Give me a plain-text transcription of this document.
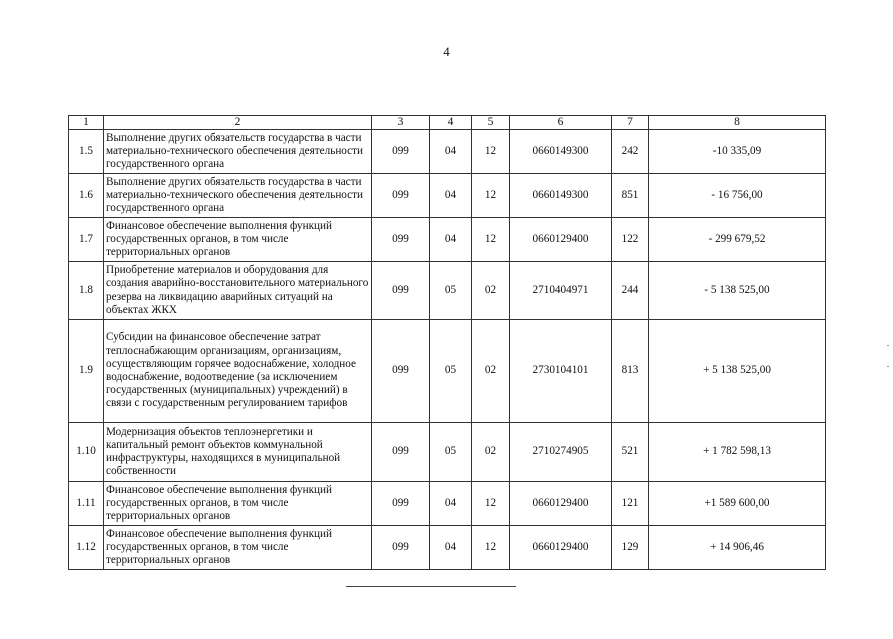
4
1	2	3	4	5	6	7	8
1.5	Выполнение других обязательств государства в части материально-технического обеспечения деятельности государственного органа	099	04	12	0660149300	242	-10 335,09
1.6	Выполнение других обязательств государства в части материально-технического обеспечения деятельности государственного органа	099	04	12	0660149300	851	- 16 756,00
1.7	Финансовое обеспечение выполнения функций государственных органов, в том числе территориальных органов	099	04	12	0660129400	122	- 299 679,52
1.8	Приобретение материалов и оборудования для создания аварийно-восстановительного материального резерва на ликвидацию аварийных ситуаций на объектах ЖКХ	099	05	02	2710404971	244	- 5 138 525,00
1.9	Субсидии на финансовое обеспечение затрат теплоснабжающим организациям, организациям, осуществляющим горячее водоснабжение, холодное водоснабжение, водоотведение (за исключением государственных (муниципальных) учреждений) в связи с государственным регулированием тарифов	099	05	02	2730104101	813	+ 5 138 525,00
1.10	Модернизация объектов теплоэнергетики и капитальный ремонт объектов коммунальной инфраструктуры, находящихся в муниципальной собственности	099	05	02	2710274905	521	+ 1 782 598,13
1.11	Финансовое обеспечение выполнения функций государственных органов, в том числе территориальных органов	099	04	12	0660129400	121	+1 589 600,00
1.12	Финансовое обеспечение выполнения функций государственных органов, в том числе территориальных органов	099	04	12	0660129400	129	+ 14 906,46
